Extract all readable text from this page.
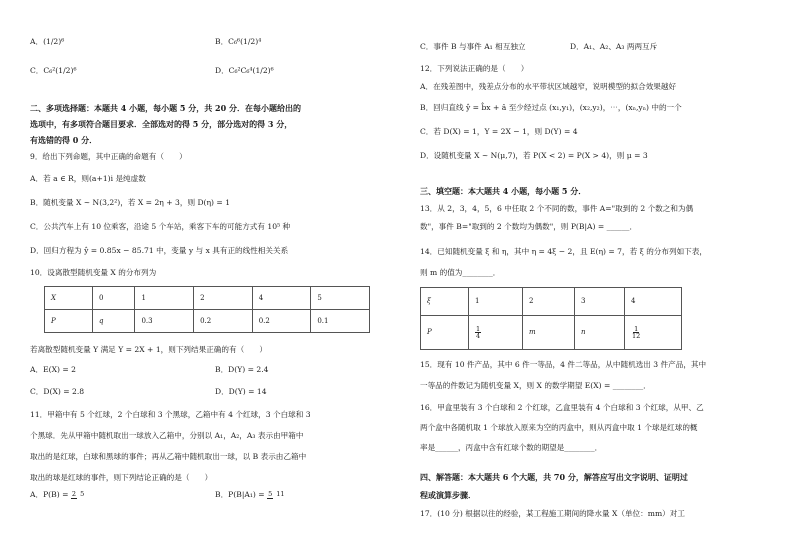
A．(1/2)⁶	B．C₆⁶(1/2)⁴
C．C₆²(1/2)⁶	D．C₆²C₆⁴(1/2)⁶
二、多项选择题：本题共 4 小题，每小题 5 分，共 20 分．在每小题给出的
选项中，有多项符合题目要求．全部选对的得 5 分，部分选对的得 3 分，
有选错的得 0 分．
9．给出下列命题，其中正确的命题有（　　）
A．若 a ∈ R，则(a+1)i 是纯虚数
B．随机变量 X ~ N(3,2²)，若 X = 2η + 3，则 D(η) = 1
C．公共汽车上有 10 位乘客，沿途 5 个车站，乘客下车的可能方式有 10⁵ 种
D．回归方程为 ŷ = 0.85x − 85.71 中，变量 y 与 x 具有正的线性相关关系
10．设离散型随机变量 X 的分布列为
X	0	1	2	4	5
P	q	0.3	0.2	0.2	0.1
若离散型随机变量 Y 满足 Y = 2X + 1，则下列结果正确的有（　　）
A．E(X) = 2	B．D(Y) = 2.4
C．D(X) = 2.8	D．D(Y) = 14
11．甲箱中有 5 个红球，2 个白球和 3 个黑球，乙箱中有 4 个红球，3 个白球和 3
个黑球．先从甲箱中随机取出一球放入乙箱中，分别以 A₁，A₂，A₃ 表示由甲箱中
取出的是红球，白球和黑球的事件；再从乙箱中随机取出一球，以 B 表示由乙箱中
取出的球是红球的事件，则下列结论正确的是（　　）
A．P(B) = 2 5	B．P(B|A₁) = 5 11
C．事件 B 与事件 A₁ 相互独立	D．A₁、A₂、A₃ 两两互斥
12．下列说法正确的是（　　）
A．在残差图中，残差点分布的水平带状区域越窄，说明模型的拟合效果越好
B．回归直线 ŷ = b̂x + â 至少经过点 (x₁,y₁)，(x₂,y₂)，⋯，(xₙ,yₙ) 中的一个
C．若 D(X) = 1，Y = 2X − 1，则 D(Y) = 4
D．设随机变量 X ~ N(μ,7)，若 P(X < 2) = P(X > 4)，则 μ = 3
三、填空题：本大题共 4 小题，每小题 5 分．
13．从 2，3，4，5，6 中任取 2 个不同的数，事件 A="取到的 2 个数之和为偶
数"，事件 B="取到的 2 个数均为偶数"，则 P(B|A) = ______．
14．已知随机变量 ξ 和 η，其中 η = 4ξ − 2，且 E(η) = 7，若 ξ 的分布列如下表，
则 m 的值为________．
ξ	1	2	3	4
P	$\frac{1}{4}$	m	n	$\frac{1}{12}$
15．现有 10 件产品，其中 6 件一等品，4 件二等品，从中随机选出 3 件产品，其中
一等品的件数记为随机变量 X，则 X 的数学期望 E(X) = ________．
16．甲盒里装有 3 个白球和 2 个红球，乙盒里装有 4 个白球和 3 个红球，从甲、乙
两个盒中各随机取 1 个球放入原来为空的丙盒中，则从丙盒中取 1 个球是红球的概
率是______，丙盒中含有红球个数的期望是________．
四、解答题：本大题共 6 个大题，共 70 分，解答应写出文字说明、证明过
程或演算步骤．
17．(10 分) 根据以往的经验，某工程施工期间的降水量 X（单位：mm）对工
